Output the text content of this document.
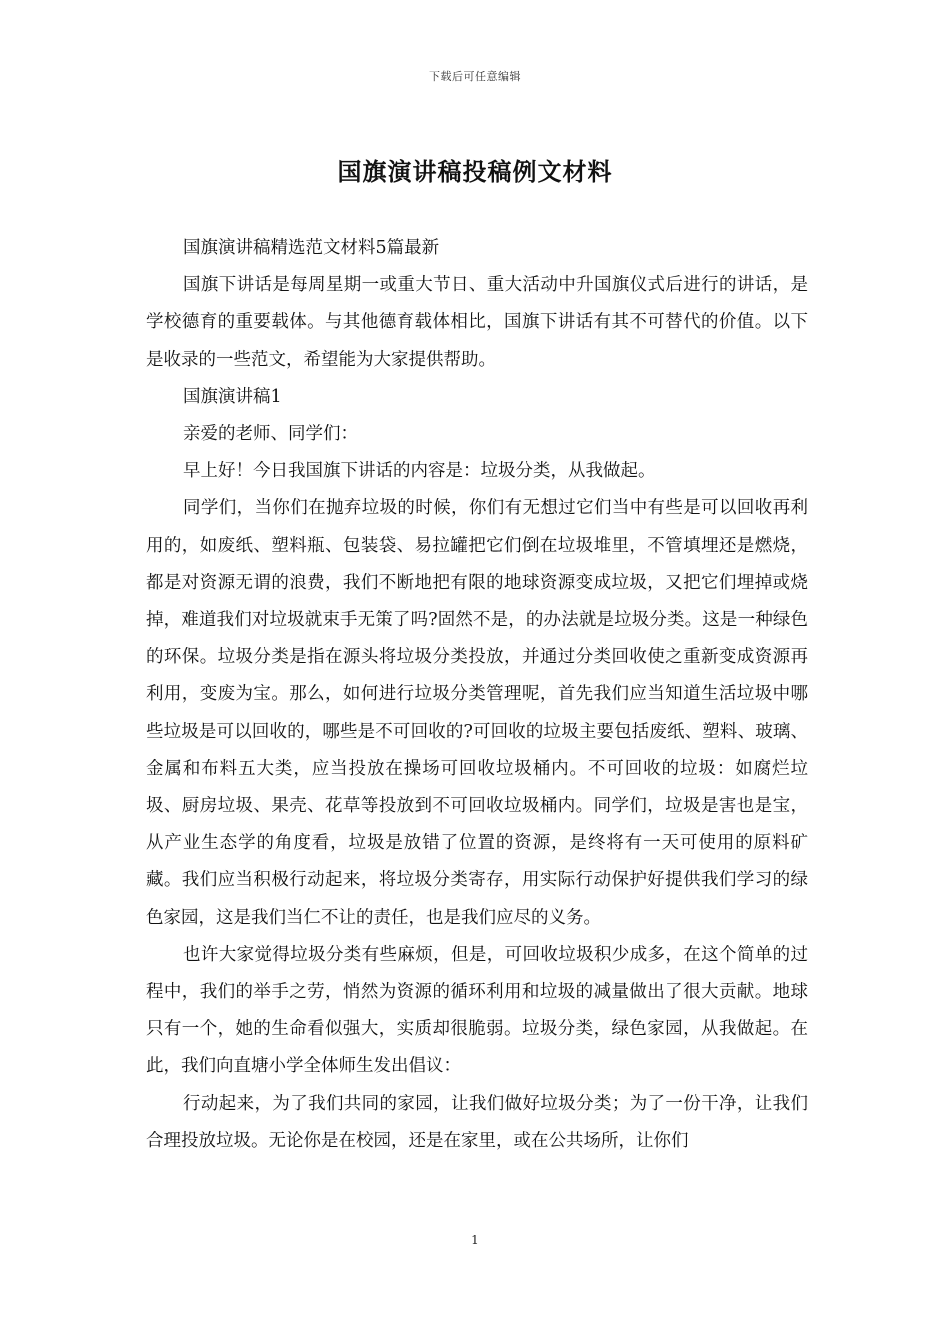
下载后可任意编辑
国旗演讲稿投稿例文材料

国旗演讲稿精选范文材料5篇最新

国旗下讲话是每周星期一或重大节日、重大活动中升国旗仪式后进行的讲话，是学校德育的重要载体。与其他德育载体相比，国旗下讲话有其不可替代的价值。以下是收录的一些范文，希望能为大家提供帮助。

国旗演讲稿1

亲爱的老师、同学们：

早上好！今日我国旗下讲话的内容是：垃圾分类，从我做起。

同学们，当你们在抛弃垃圾的时候，你们有无想过它们当中有些是可以回收再利用的，如废纸、塑料瓶、包装袋、易拉罐把它们倒在垃圾堆里，不管填埋还是燃烧，都是对资源无谓的浪费，我们不断地把有限的地球资源变成垃圾，又把它们埋掉或烧掉，难道我们对垃圾就束手无策了吗?固然不是，的办法就是垃圾分类。这是一种绿色的环保。垃圾分类是指在源头将垃圾分类投放，并通过分类回收使之重新变成资源再利用，变废为宝。那么，如何进行垃圾分类管理呢，首先我们应当知道生活垃圾中哪些垃圾是可以回收的，哪些是不可回收的?可回收的垃圾主要包括废纸、塑料、玻璃、金属和布料五大类，应当投放在操场可回收垃圾桶内。不可回收的垃圾：如腐烂垃圾、厨房垃圾、果壳、花草等投放到不可回收垃圾桶内。同学们，垃圾是害也是宝，从产业生态学的角度看，垃圾是放错了位置的资源，是终将有一天可使用的原料矿藏。我们应当积极行动起来，将垃圾分类寄存，用实际行动保护好提供我们学习的绿色家园，这是我们当仁不让的责任，也是我们应尽的义务。

也许大家觉得垃圾分类有些麻烦，但是，可回收垃圾积少成多，在这个简单的过程中，我们的举手之劳，悄然为资源的循环利用和垃圾的减量做出了很大贡献。地球只有一个，她的生命看似强大，实质却很脆弱。垃圾分类，绿色家园，从我做起。在此，我们向直塘小学全体师生发出倡议：

行动起来，为了我们共同的家园，让我们做好垃圾分类；为了一份干净，让我们合理投放垃圾。无论你是在校园，还是在家里，或在公共场所，让你们

1
